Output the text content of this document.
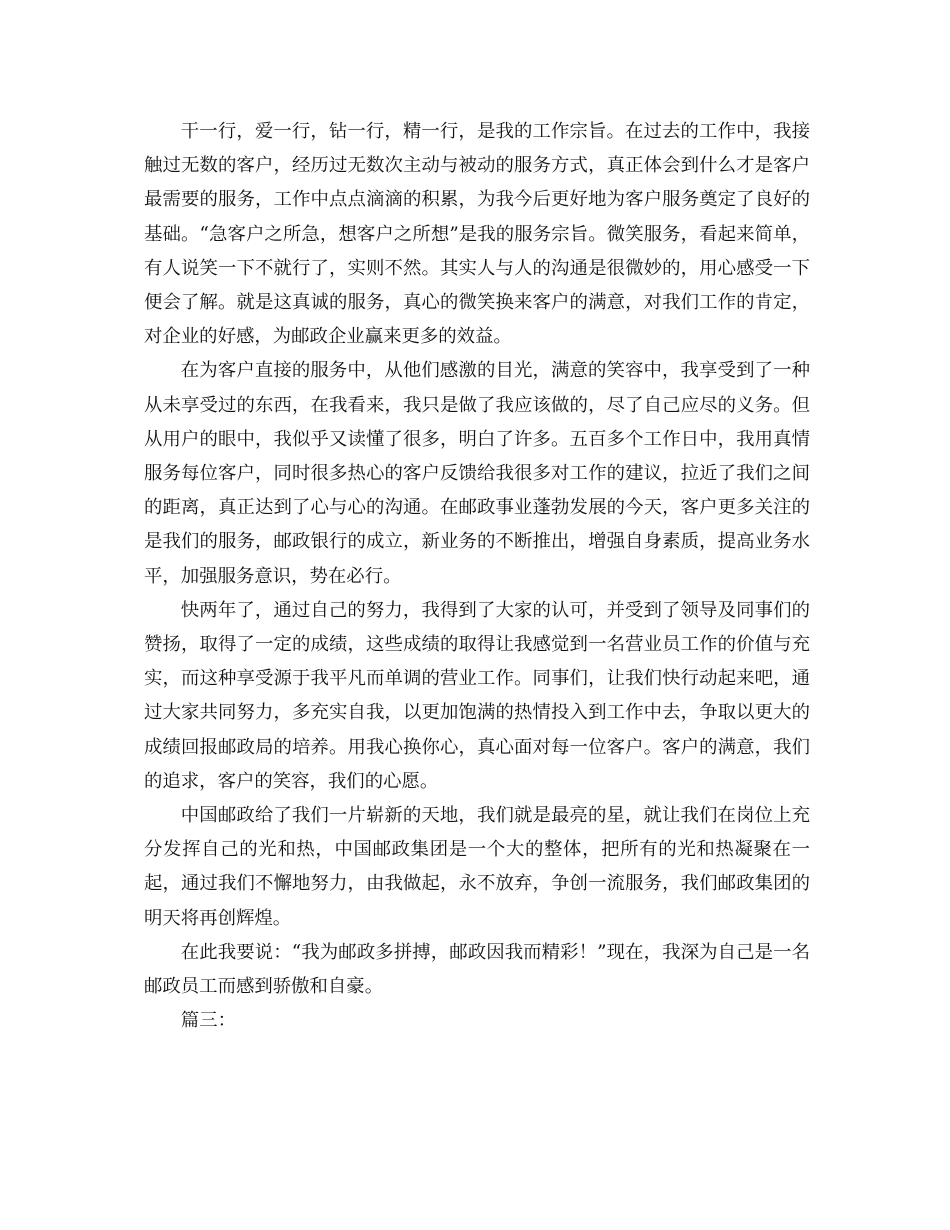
干一行，爱一行，钻一行，精一行，是我的工作宗旨。在过去的工作中，我接触过无数的客户，经历过无数次主动与被动的服务方式，真正体会到什么才是客户最需要的服务，工作中点点滴滴的积累，为我今后更好地为客户服务奠定了良好的基础。“急客户之所急，想客户之所想”是我的服务宗旨。微笑服务，看起来简单，有人说笑一下不就行了，实则不然。其实人与人的沟通是很微妙的，用心感受一下便会了解。就是这真诚的服务，真心的微笑换来客户的满意，对我们工作的肯定，对企业的好感，为邮政企业赢来更多的效益。

在为客户直接的服务中，从他们感激的目光，满意的笑容中，我享受到了一种从未享受过的东西，在我看来，我只是做了我应该做的，尽了自己应尽的义务。但从用户的眼中，我似乎又读懂了很多，明白了许多。五百多个工作日中，我用真情服务每位客户，同时很多热心的客户反馈给我很多对工作的建议，拉近了我们之间的距离，真正达到了心与心的沟通。在邮政事业蓬勃发展的今天，客户更多关注的是我们的服务，邮政银行的成立，新业务的不断推出，增强自身素质，提高业务水平，加强服务意识，势在必行。

快两年了，通过自己的努力，我得到了大家的认可，并受到了领导及同事们的赞扬，取得了一定的成绩，这些成绩的取得让我感觉到一名营业员工作的价值与充实，而这种享受源于我平凡而单调的营业工作。同事们，让我们快行动起来吧，通过大家共同努力，多充实自我，以更加饱满的热情投入到工作中去，争取以更大的成绩回报邮政局的培养。用我心换你心，真心面对每一位客户。客户的满意，我们的追求，客户的笑容，我们的心愿。

中国邮政给了我们一片崭新的天地，我们就是最亮的星，就让我们在岗位上充分发挥自己的光和热，中国邮政集团是一个大的整体，把所有的光和热凝聚在一起，通过我们不懈地努力，由我做起，永不放弃，争创一流服务，我们邮政集团的明天将再创辉煌。

在此我要说：“我为邮政多拼搏，邮政因我而精彩！”现在，我深为自己是一名邮政员工而感到骄傲和自豪。

篇三：
